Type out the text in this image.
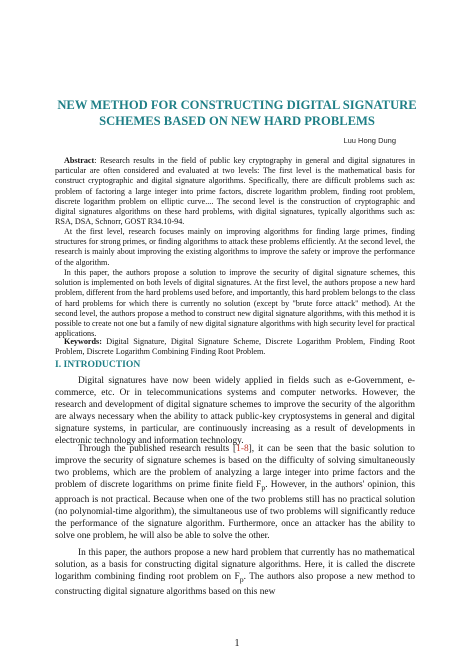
NEW METHOD FOR CONSTRUCTING DIGITAL SIGNATURE
SCHEMES BASED ON NEW HARD PROBLEMS
Luu Hong Dung

Abstract: Research results in the field of public key cryptography in general and digital signatures in particular are often considered and evaluated at two levels: The first level is the mathematical basis for construct cryptographic and digital signature algorithms. Specifically, there are difficult problems such as: problem of factoring a large integer into prime factors, discrete logarithm problem, finding root problem, discrete logarithm problem on elliptic curve.... The second level is the construction of cryptographic and digital signatures algorithms on these hard problems, with digital signatures, typically algorithms such as: RSA, DSA, Schnorr, GOST R34.10-94.

At the first level, research focuses mainly on improving algorithms for finding large primes, finding structures for strong primes, or finding algorithms to attack these problems efficiently. At the second level, the research is mainly about improving the existing algorithms to improve the safety or improve the performance of the algorithm.

In this paper, the authors propose a solution to improve the security of digital signature schemes, this solution is implemented on both levels of digital signatures. At the first level, the authors propose a new hard problem, different from the hard problems used before, and importantly, this hard problem belongs to the class of hard problems for which there is currently no solution (except by "brute force attack" method). At the second level, the authors propose a method to construct new digital signature algorithms, with this method it is possible to create not one but a family of new digital signature algorithms with high security level for practical applications.

Keywords: Digital Signature, Digital Signature Scheme, Discrete Logarithm Problem, Finding Root Problem, Discrete Logarithm Combining Finding Root Problem.

I. INTRODUCTION

Digital signatures have now been widely applied in fields such as e-Government, e-commerce, etc. Or in telecommunications systems and computer networks. However, the research and development of digital signature schemes to improve the security of the algorithm are always necessary when the ability to attack public-key cryptosystems in general and digital signature systems, in particular, are continuously increasing as a result of developments in electronic technology and information technology.

Through the published research results [1-8], it can be seen that the basic solution to improve the security of signature schemes is based on the difficulty of solving simultaneously two problems, which are the problem of analyzing a large integer into prime factors and the problem of discrete logarithms on prime finite field $F_p$. However, in the authors' opinion, this approach is not practical. Because when one of the two problems still has no practical solution (no polynomial-time algorithm), the simultaneous use of two problems will significantly reduce the performance of the signature algorithm. Furthermore, once an attacker has the ability to solve one problem, he will also be able to solve the other.

In this paper, the authors propose a new hard problem that currently has no mathematical solution, as a basis for constructing digital signature algorithms. Here, it is called the discrete logarithm combining finding root problem on $F_p$. The authors also propose a new method to constructing digital signature algorithms based on this new

1
